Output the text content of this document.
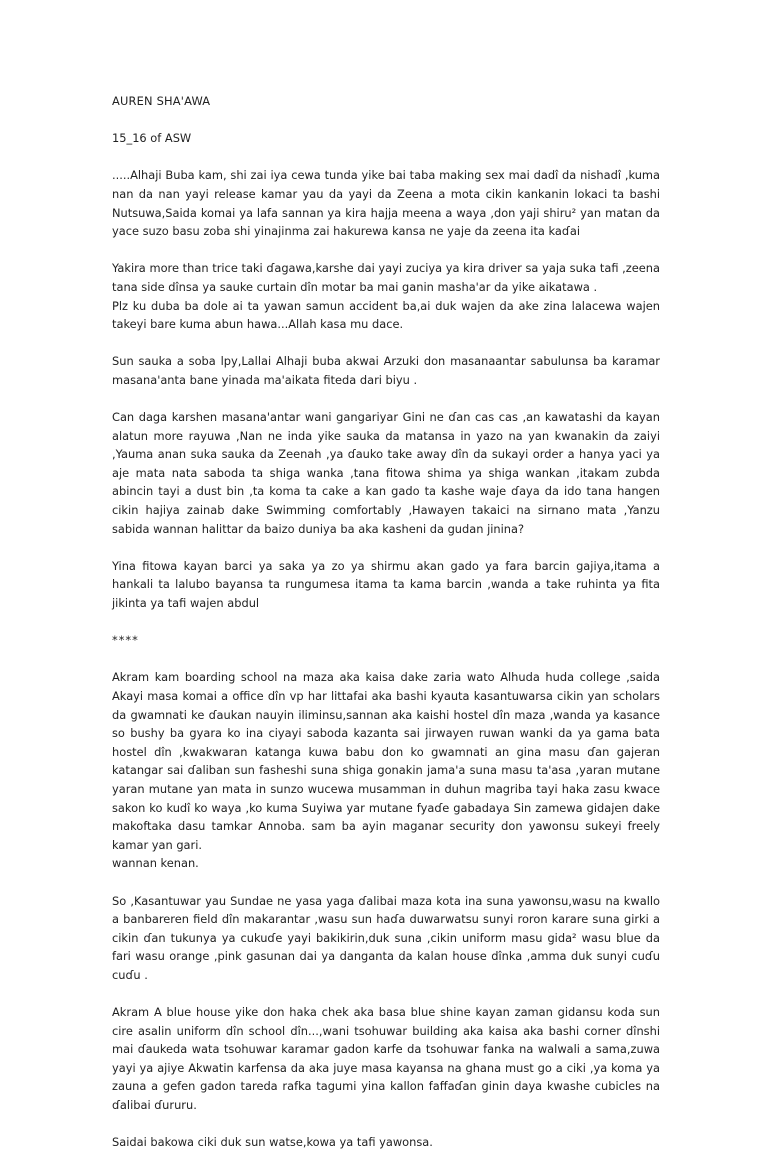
AUREN SHA'AWA

15_16 of ASW

.....Alhaji Buba kam, shi zai iya cewa tunda yike bai taba making sex mai dadî da nishadî ,kuma nan da nan yayi release kamar yau da yayi da Zeena a mota cikin kankanin lokaci ta bashi Nutsuwa,Saida komai ya lafa sannan ya kira hajja meena a waya ,don yaji shiru² yan matan da yace suzo basu zoba shi yinajinma zai hakurewa kansa ne yaje da zeena ita kaɗai

Yakira more than trice taki ɗagawa,karshe dai yayi zuciya ya kira driver sa yaja suka tafi ,zeena tana side dînsa ya sauke curtain dîn motar ba mai ganin masha'ar da yike aikatawa .
Plz ku duba ba dole ai ta yawan samun accident ba,ai duk wajen da ake zina lalacewa wajen takeyi bare kuma abun hawa...Allah kasa mu dace.

Sun sauka a soba lpy,Lallai Alhaji buba akwai Arzuki don masanaantar sabulunsa ba karamar masana'anta bane yinada ma'aikata fiteda dari biyu .

Can daga karshen masana'antar wani gangariyar Gini ne ɗan cas cas ,an kawatashi da kayan alatun more rayuwa ,Nan ne inda yike sauka da matansa in yazo na yan kwanakin da zaiyi ,Yauma anan suka sauka da Zeenah ,ya ɗauko take away dîn da sukayi order a hanya yaci ya aje mata nata saboda ta shiga wanka ,tana fitowa shima ya shiga wankan ,itakam zubda abincin tayi a dust bin ,ta koma ta cake a kan gado ta kashe waje ɗaya da ido tana hangen cikin hajiya zainab dake Swimming comfortably ,Hawayen takaici na sirnano mata ,Yanzu sabida wannan halittar da baizo duniya ba aka kasheni da gudan jinina?

Yina fitowa kayan barci ya saka ya zo ya shirmu akan gado ya fara barcin gajiya,itama a hankali ta lalubo bayansa ta rungumesa itama ta kama barcin ,wanda a take ruhinta ya fita jikinta ya tafi wajen abdul

****

Akram kam boarding school na maza aka kaisa dake zaria wato Alhuda huda college ,saida Akayi masa komai a office dîn vp har littafai aka bashi kyauta kasantuwarsa cikin yan scholars da gwamnati ke ɗaukan nauyin iliminsu,sannan aka kaishi hostel dîn maza ,wanda ya kasance so bushy ba gyara ko ina ciyayi saboda kazanta sai jirwayen ruwan wanki da ya gama bata hostel dîn ,kwakwaran katanga kuwa babu don ko gwamnati an gina masu ɗan gajeran katangar sai ɗaliban sun fasheshi suna shiga gonakin jama'a suna masu ta'asa ,yaran mutane yaran mutane yan mata in sunzo wucewa musamman in duhun magriba tayi haka zasu kwace sakon ko kudî ko waya ,ko kuma Suyiwa yar mutane fyaɗe gabadaya Sin zamewa gidajen dake makoftaka dasu tamkar Annoba. sam ba ayin maganar security don yawonsu sukeyi freely kamar yan gari.
wannan kenan.

So ,Kasantuwar yau Sundae ne yasa yaga ɗalibai maza kota ina suna yawonsu,wasu na kwallo a banbareren field dîn makarantar ,wasu sun haɗa duwarwatsu sunyi roron karare suna girki a cikin ɗan tukunya ya cukuɗe yayi bakikirin,duk suna ,cikin uniform masu gida² wasu blue da fari wasu orange ,pink gasunan dai ya danganta da kalan house dînka ,amma duk sunyi cuɗu cuɗu .

Akram A blue house yike don haka chek aka basa blue shine kayan zaman gidansu koda sun cire asalin uniform dîn school dîn...,wani tsohuwar building aka kaisa aka bashi corner dînshi mai ɗaukeda wata tsohuwar karamar gadon karfe da tsohuwar fanka na walwali a sama,zuwa yayi ya ajiye Akwatin karfensa da aka juye masa kayansa na ghana must go a ciki ,ya koma ya zauna a gefen gadon tareda rafka tagumi yina kallon faffaɗan ginin daya kwashe cubicles na ɗalibai ɗururu.

Saidai bakowa ciki duk sun watse,kowa ya tafi yawonsa.
